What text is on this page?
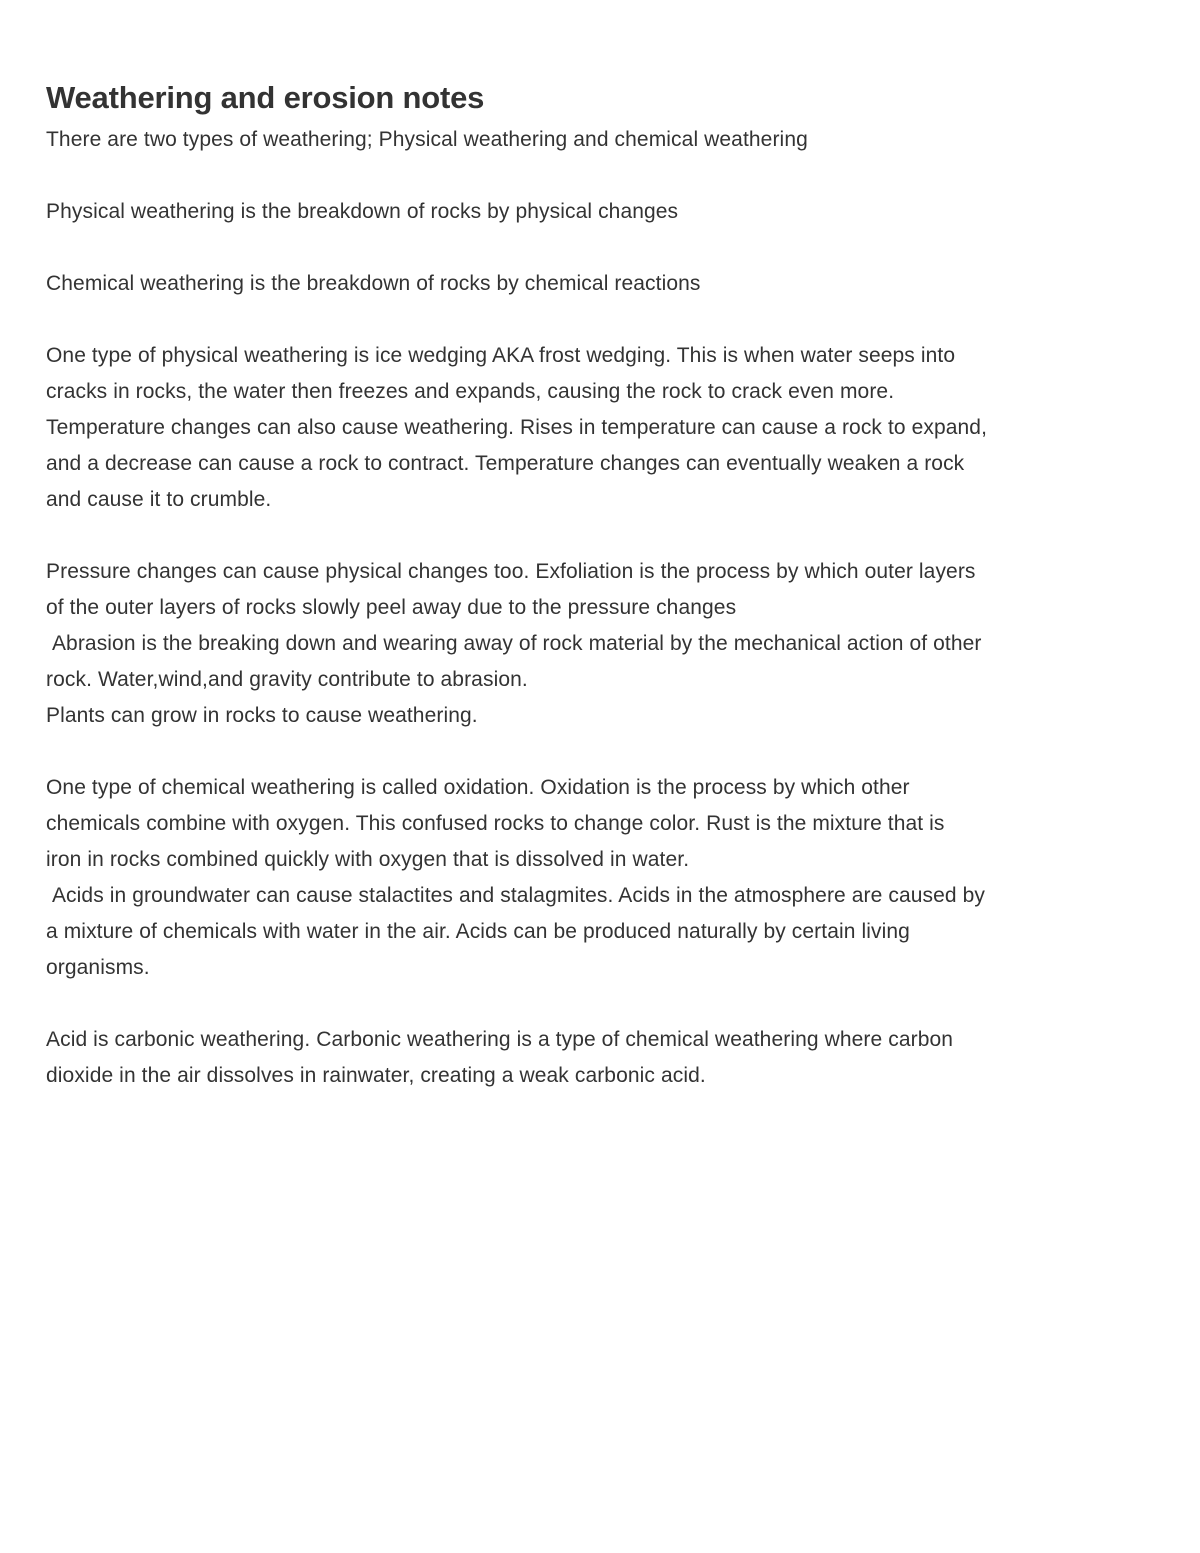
Weathering and erosion notes

There are two types of weathering; Physical weathering and chemical weathering

Physical weathering is the breakdown of rocks by physical changes

Chemical weathering is the breakdown of rocks by chemical reactions

One type of physical weathering is ice wedging AKA frost wedging. This is when water seeps into

cracks in rocks, the water then freezes and expands, causing the rock to crack even more.

Temperature changes can also cause weathering. Rises in temperature can cause a rock to expand,

and a decrease can cause a rock to contract. Temperature changes can eventually weaken a rock

and cause it to crumble.

Pressure changes can cause physical changes too. Exfoliation is the process by which outer layers

of the outer layers of rocks slowly peel away due to the pressure changes

Abrasion is the breaking down and wearing away of rock material by the mechanical action of other

rock. Water,wind,and gravity contribute to abrasion.

Plants can grow in rocks to cause weathering.

One type of chemical weathering is called oxidation. Oxidation is the process by which other

chemicals combine with oxygen. This confused rocks to change color. Rust is the mixture that is

iron in rocks combined quickly with oxygen that is dissolved in water.

Acids in groundwater can cause stalactites and stalagmites. Acids in the atmosphere are caused by

a mixture of chemicals with water in the air. Acids can be produced naturally by certain living

organisms.

Acid is carbonic weathering. Carbonic weathering is a type of chemical weathering where carbon

dioxide in the air dissolves in rainwater, creating a weak carbonic acid.
